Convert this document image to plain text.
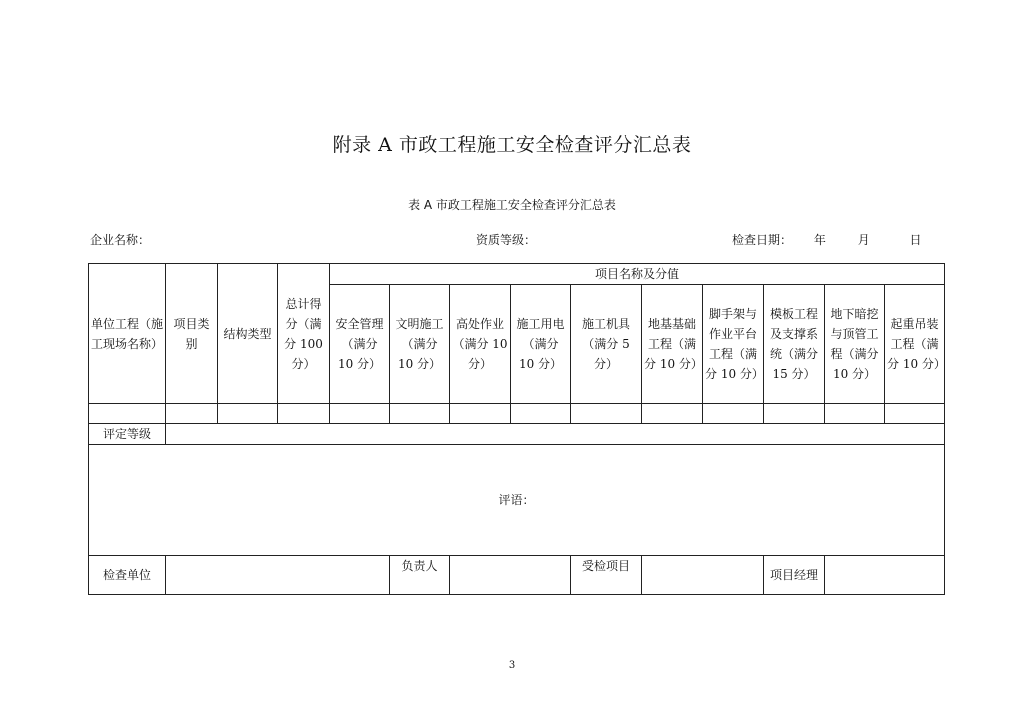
附录 A 市政工程施工安全检查评分汇总表
表 A 市政工程施工安全检查评分汇总表
企业名称：	资质等级：	检查日期： 年	月	日
单位工程（施工现场名称）	项目类别	结构类型	总计得分（满分 100 分）	项目名称及分值									
				安全管理（满分 10 分）	文明施工（满分 10 分）	高处作业（满分 10 分）	施工用电（满分 10 分）	施工机具（满分 5 分）	地基基础工程（满分 10 分）	脚手架与作业平台工程（满分 10 分）	模板工程及支撑系统（满分 15 分）	地下暗挖与顶管工程（满分 10 分）	起重吊装工程（满分 10 分）

评定等级													
评语：													
检查单位					负责人			受检项目			项目经理		
3
